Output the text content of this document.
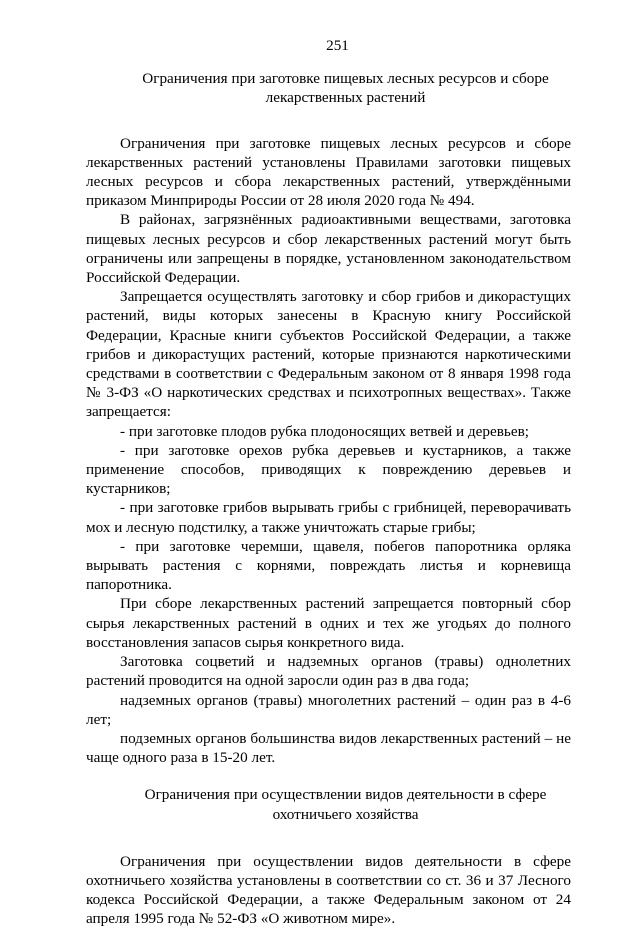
251
Ограничения при заготовке пищевых лесных ресурсов и сборе лекарственных растений

Ограничения при заготовке пищевых лесных ресурсов и сборе лекарственных растений установлены Правилами заготовки пищевых лесных ресурсов и сбора лекарственных растений, утверждёнными приказом Минприроды России от 28 июля 2020 года № 494.

В районах, загрязнённых радиоактивными веществами, заготовка пищевых лесных ресурсов и сбор лекарственных растений могут быть ограничены или запрещены в порядке, установленном законодательством Российской Федерации.

Запрещается осуществлять заготовку и сбор грибов и дикорастущих растений, виды которых занесены в Красную книгу Российской Федерации, Красные книги субъектов Российской Федерации, а также грибов и дикорастущих растений, которые признаются наркотическими средствами в соответствии с Федеральным законом от 8 января 1998 года № 3-ФЗ «О наркотических средствах и психотропных веществах». Также запрещается:

- при заготовке плодов рубка плодоносящих ветвей и деревьев;

- при заготовке орехов рубка деревьев и кустарников, а также применение способов, приводящих к повреждению деревьев и кустарников;

- при заготовке грибов вырывать грибы с грибницей, переворачивать мох и лесную подстилку, а также уничтожать старые грибы;

- при заготовке черемши, щавеля, побегов папоротника орляка вырывать растения с корнями, повреждать листья и корневища папоротника.

При сборе лекарственных растений запрещается повторный сбор сырья лекарственных растений в одних и тех же угодьях до полного восстановления запасов сырья конкретного вида.

Заготовка соцветий и надземных органов (травы) однолетних растений проводится на одной заросли один раз в два года;

надземных органов (травы) многолетних растений – один раз в 4-6 лет;

подземных органов большинства видов лекарственных растений – не чаще одного раза в 15-20 лет.

Ограничения при осуществлении видов деятельности в сфере охотничьего хозяйства

Ограничения при осуществлении видов деятельности в сфере охотничьего хозяйства установлены в соответствии со ст. 36 и 37 Лесного кодекса Российской Федерации, а также Федеральным законом от 24 апреля 1995 года № 52-ФЗ «О животном мире».
